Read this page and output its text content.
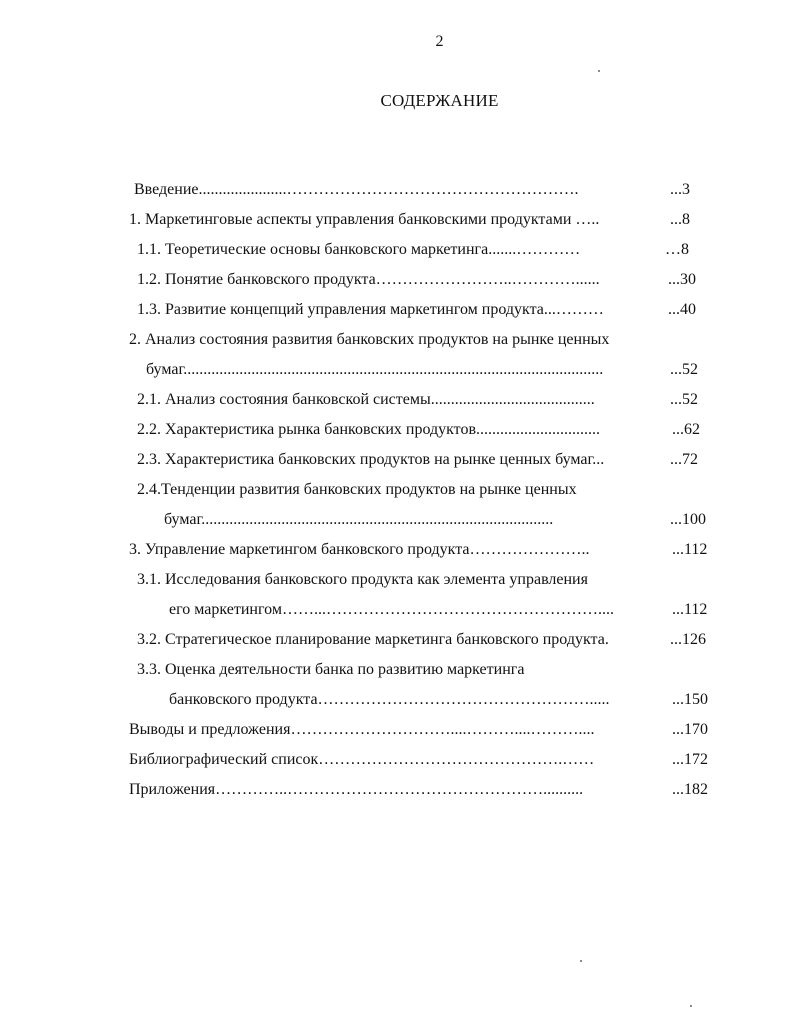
2
СОДЕРЖАНИЕ
Введение......................……………………………………………….	...3
1. Маркетинговые аспекты управления банковскими продуктами …..	...8
1.1. Теоретические основы банковского маркетинга.......…………	…8
1.2. Понятие банковского продукта……………………..…………......	...30
1.3. Развитие концепций управления маркетингом продукта...………	...40
2. Анализ состояния развития банковских продуктов на рынке ценных
бумаг.........................................................................................................	...52
2.1. Анализ состояния банковской системы.........................................	...52
2.2. Характеристика рынка банковских продуктов...............................	...62
2.3. Характеристика банковских продуктов на рынке ценных бумаг...	...72
2.4.Тенденции развития банковских продуктов на рынке ценных
бумаг........................................................................................	...100
3. Управление маркетингом банковского продукта…………………..	...112
3.1. Исследования банковского продукта как элемента управления
его маркетингом……...……………………………………………....	...112
3.2. Стратегическое планирование маркетинга банковского продукта.	...126
3.3. Оценка деятельности банка по развитию маркетинга
банковского продукта…………………………………………….....	...150
Выводы и предложения…………………………....………....………....	...170
Библиографический список……………………………………….……	...172
Приложения…………..…………………………………………..........	...182
